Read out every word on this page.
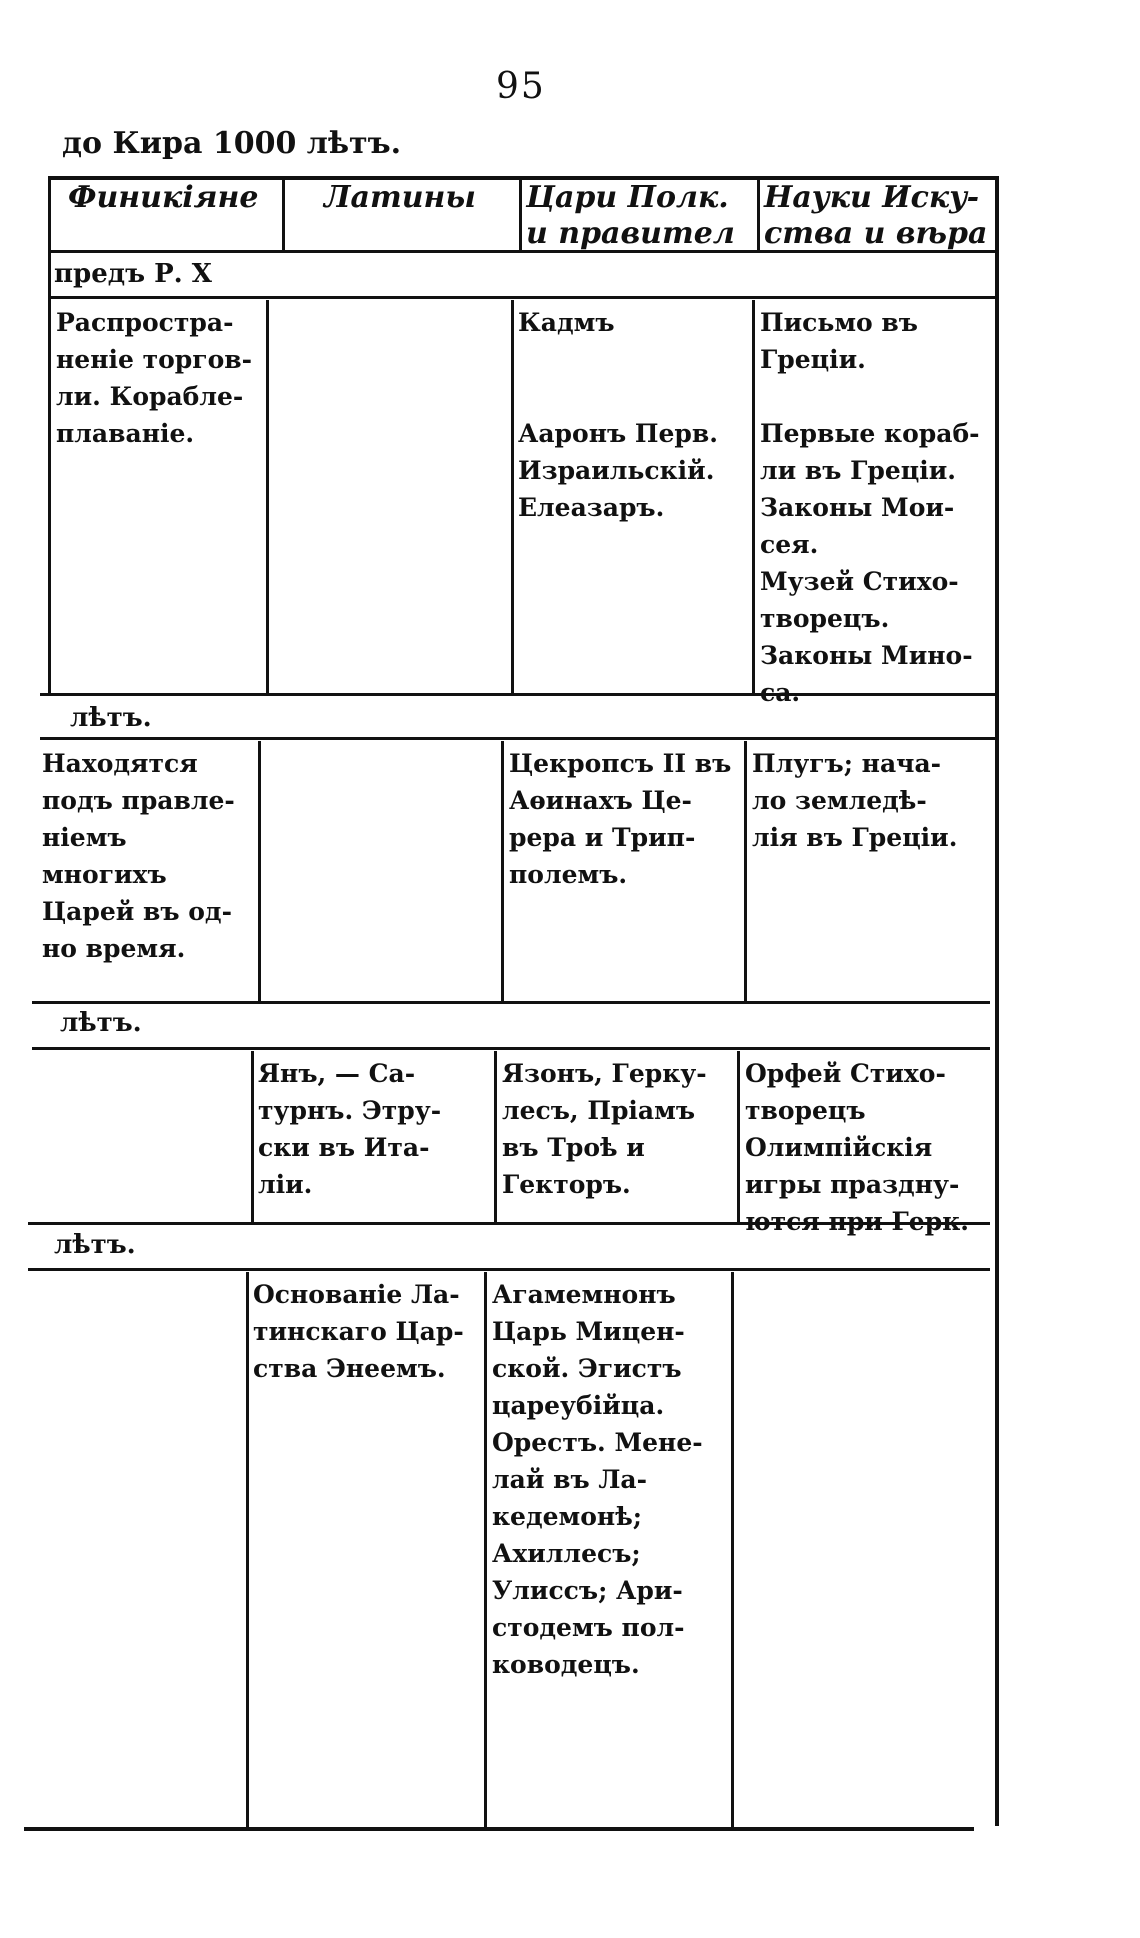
95
до Кира 1000 лѣтъ.
Финикіяне	Латины	Цари Полк.
и правител
Науки Искy-
ства и вѣра
предъ Р. Х
лѣтъ.
лѣтъ.
лѣтъ.
Распростра-
неніе торгов-
ли. Корабле-
плаваніе.
Кадмъ

Ааронъ Перв.
Израильскій.
Елеазаръ.
Письмо въ
Греціи.

Первые кораб-
ли въ Греціи.
Законы Мои-
сея.
Музей Стихо-
творецъ.
Законы Мино-
са.
Находятся
подъ правле-
ніемъ многихъ
Царей въ од-
но время.
Цекропсъ II въ
Аѳинахъ Це-
рера и Трип-
полемъ.
Плугъ; нача-
ло земледѣ-
лія въ Греціи.
Янъ, — Са-
турнъ. Этру-
ски въ Ита-
ліи.
Язонъ, Герку-
лесъ, Пріамъ
въ Троѣ и
Гекторъ.
Орфей Стихо-
творецъ
Олимпійскія
игры праздну-
ются при Герк.
Основаніе Ла-
тинскаго Цар-
ства Энеемъ.
Агамемнонъ
Царь Мицен-
ской. Эгистъ
цареубійца.
Орестъ. Мене-
лай въ Ла-
кедемонѣ;
Ахиллесъ;
Улиссъ; Ари-
стодемъ пол-
ководецъ.
